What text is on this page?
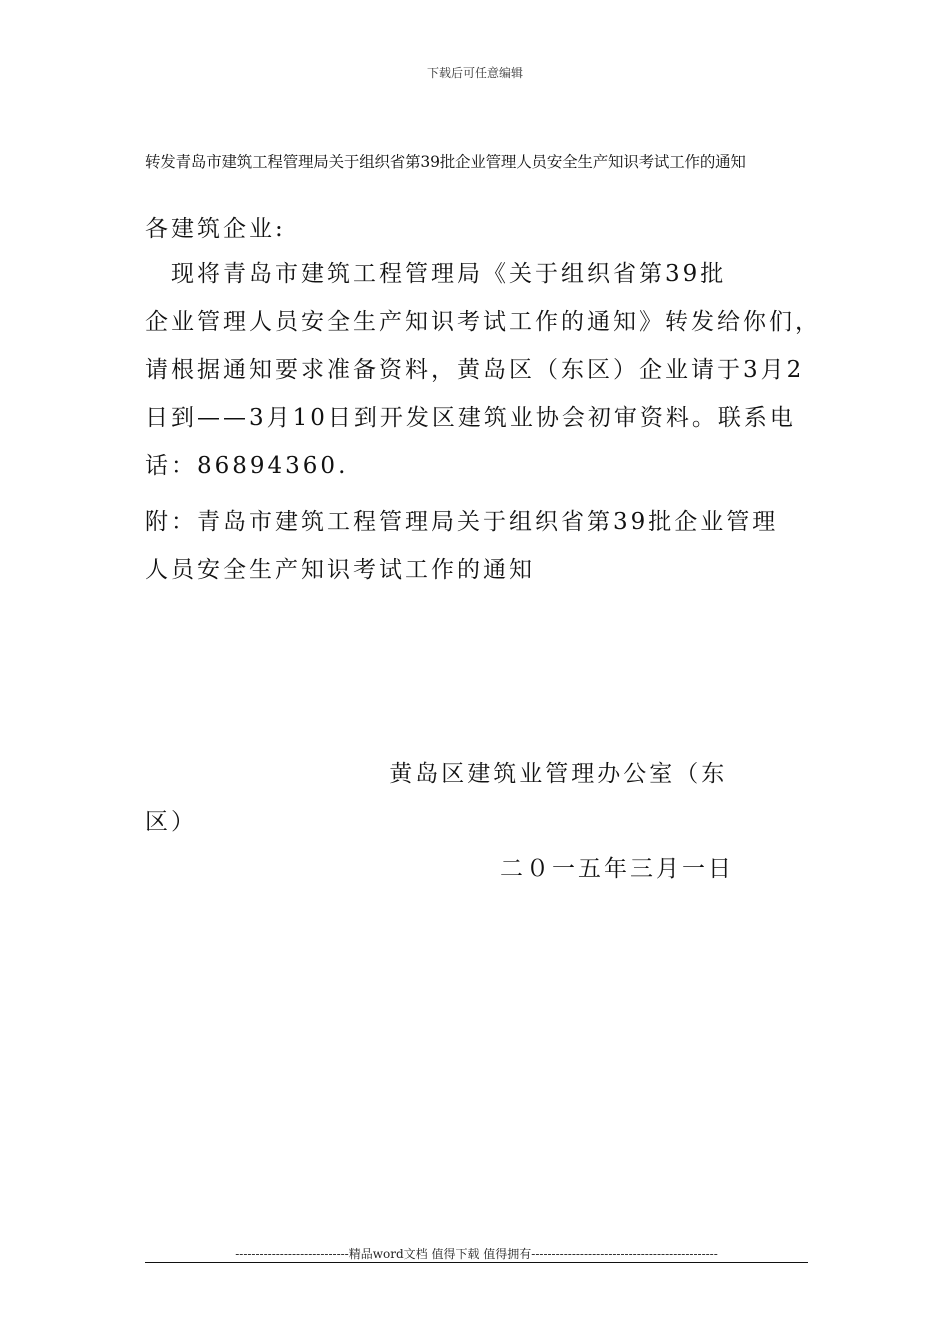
下载后可任意编辑
转发青岛市建筑工程管理局关于组织省第39批企业管理人员安全生产知识考试工作的通知
各建筑企业:
　现将青岛市建筑工程管理局《关于组织省第39批
企业管理人员安全生产知识考试工作的通知》转发给你们，
请根据通知要求准备资料，黄岛区（东区）企业请于3月2
日到——3月10日到开发区建筑业协会初审资料。联系电
话：86894360.
附：青岛市建筑工程管理局关于组织省第39批企业管理
人员安全生产知识考试工作的通知
　　　　　　　　　 黄岛区建筑业管理办公室（东
区）
二０一五年三月一日
----------------------------精品word文档 值得下载 值得拥有----------------------------------------------
